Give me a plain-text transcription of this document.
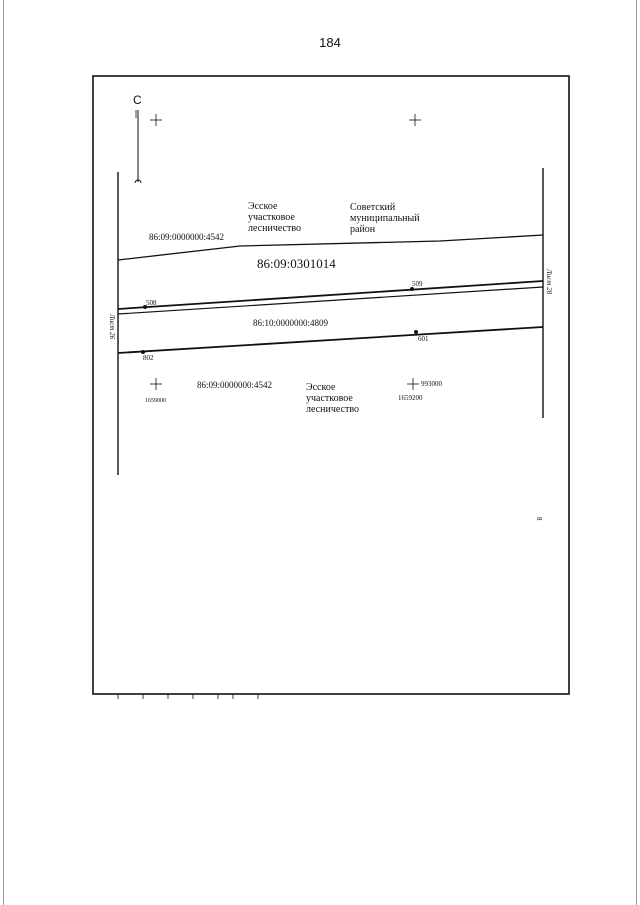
184
С
508
509
802
601
Эсское
участковое
лесничество
Советский
муниципальный
район
86:09:0000000:4542
86:09:0301014
86:10:0000000:4809
86:09:0000000:4542	Эсское
участковое
лесничество
1659000
993000
1659200
Лист 26
Лист 28
8
